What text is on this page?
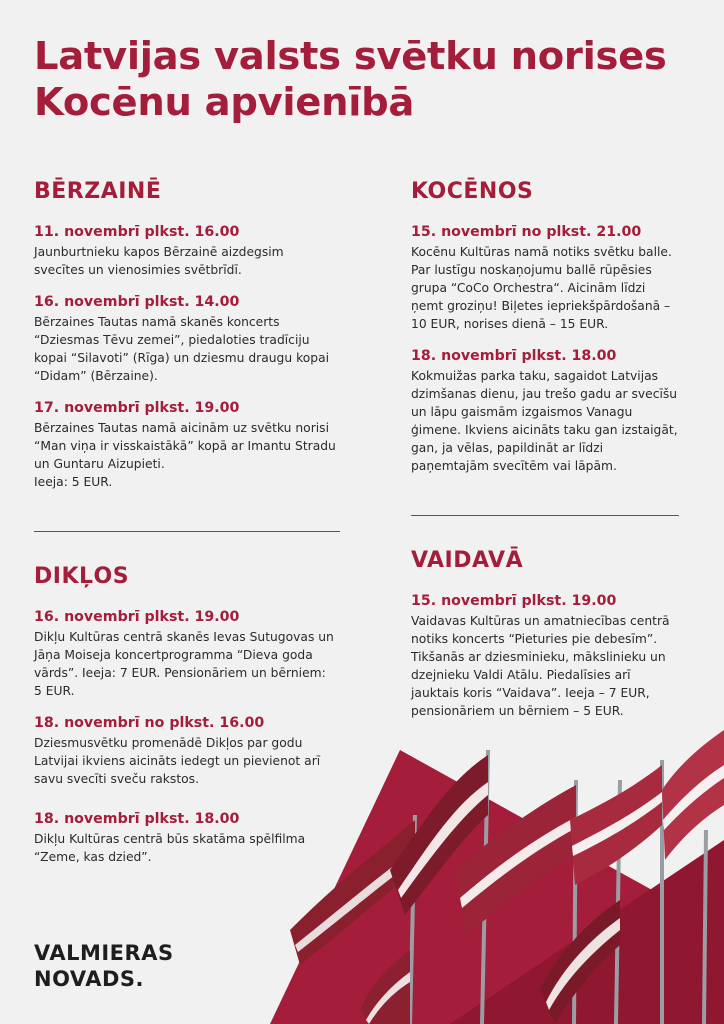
Latvijas valsts svētku norises
Kocēnu apvienībā
BĒRZAINĒ
11. novembrī plkst. 16.00
Jaunburtnieku kapos Bērzainē aizdegsim
svecītes un vienosimies svētbrīdī.
16. novembrī plkst. 14.00
Bērzaines Tautas namā skanēs koncerts
“Dziesmas Tēvu zemei”, piedaloties tradīciju
kopai “Silavoti” (Rīga) un dziesmu draugu kopai
“Didam” (Bērzaine).
17. novembrī plkst. 19.00
Bērzaines Tautas namā aicinām uz svētku norisi
“Man viņa ir visskaistākā” kopā ar Imantu Stradu
un Guntaru Aizupieti.
Ieeja: 5 EUR.
DIKĻOS
16. novembrī plkst. 19.00
Dikļu Kultūras centrā skanēs Ievas Sutugovas un
Jāņa Moiseja koncertprogramma “Dieva goda
vārds”. Ieeja: 7 EUR. Pensionāriem un bērniem:
5 EUR.
18. novembrī no plkst. 16.00
Dziesmusvētku promenādē Dikļos par godu
Latvijai ikviens aicināts iedegt un pievienot arī
savu svecīti sveču rakstos.
18. novembrī plkst. 18.00
Dikļu Kultūras centrā būs skatāma spēlfilma
“Zeme, kas dzied”.
KOCĒNOS
15. novembrī no plkst. 21.00
Kocēnu Kultūras namā notiks svētku balle.
Par lustīgu noskaņojumu ballē rūpēsies
grupa “CoCo Orchestra“. Aicinām līdzi
ņemt groziņu! Biļetes iepriekšpārdošanā –
10 EUR, norises dienā – 15 EUR.
18. novembrī plkst. 18.00
Kokmuižas parka taku, sagaidot Latvijas
dzimšanas dienu, jau trešo gadu ar svecīšu
un lāpu gaismām izgaismos Vanagu
ģimene. Ikviens aicināts taku gan izstaigāt,
gan, ja vēlas, papildināt ar līdzi
paņemtajām svecītēm vai lāpām.
VAIDAVĀ
15. novembrī plkst. 19.00
Vaidavas Kultūras un amatniecības centrā
notiks koncerts “Pieturies pie debesīm”.
Tikšanās ar dziesminieku, mākslinieku un
dzejnieku Valdi Atālu. Piedalīsies arī
jauktais koris “Vaidava”. Ieeja – 7 EUR,
pensionāriem un bērniem – 5 EUR.
VALMIERAS
NOVADS.
